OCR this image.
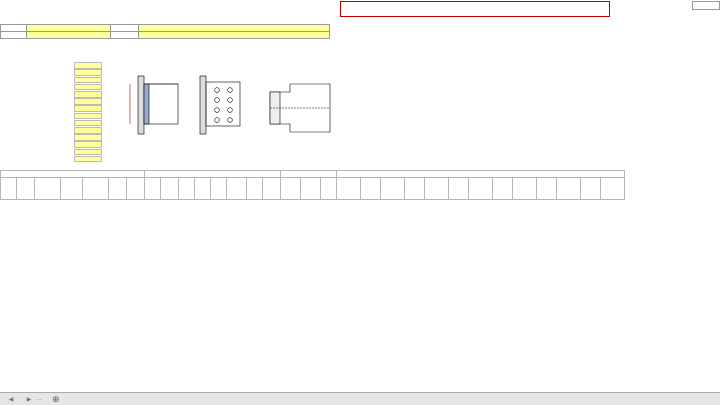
◀	▶ …	⊕
